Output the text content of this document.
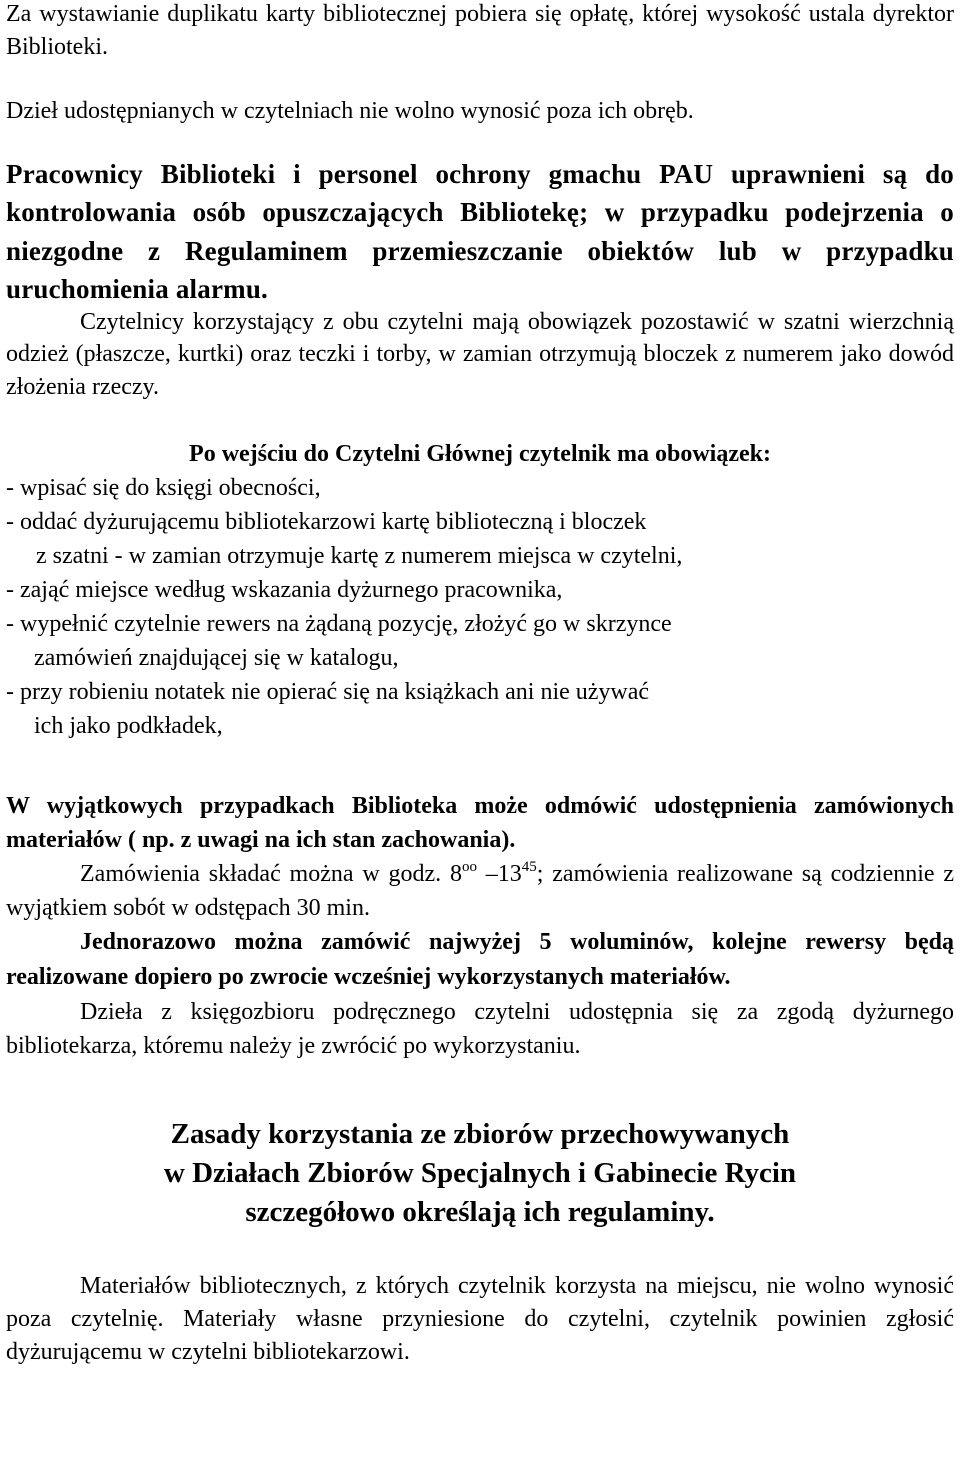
Za wystawianie duplikatu karty bibliotecznej pobiera się opłatę, której wysokość ustala dyrektor Biblioteki.

Dzieł udostępnianych w czytelniach nie wolno wynosić poza ich obręb.

Pracownicy Biblioteki i personel ochrony gmachu PAU uprawnieni są do kontrolowania osób opuszczających Bibliotekę; w przypadku podejrzenia o niezgodne z Regulaminem przemieszczanie obiektów lub w przypadku uruchomienia alarmu.

Czytelnicy korzystający z obu czytelni mają obowiązek pozostawić w szatni wierzchnią odzież (płaszcze, kurtki) oraz teczki i torby, w zamian otrzymują bloczek z numerem jako dowód złożenia rzeczy.

Po wejściu do Czytelni Głównej czytelnik ma obowiązek:

- wpisać się do księgi obecności,

- oddać dyżurującemu bibliotekarzowi kartę biblioteczną i bloczek

z szatni - w zamian otrzymuje kartę z numerem miejsca w czytelni,

- zająć miejsce według wskazania dyżurnego pracownika,

- wypełnić czytelnie rewers na żądaną pozycję, złożyć go w skrzynce

zamówień znajdującej się w katalogu,

- przy robieniu notatek nie opierać się na książkach ani nie używać

ich jako podkładek,

W wyjątkowych przypadkach Biblioteka może odmówić udostępnienia zamówionych materiałów ( np. z uwagi na ich stan zachowania).

Zamówienia składać można w godz. $8^{oo}$ $-13^{45}$; zamówienia realizowane są codziennie z wyjątkiem sobót w odstępach 30 min.

Jednorazowo można zamówić najwyżej 5 woluminów, kolejne rewersy będą realizowane dopiero po zwrocie wcześniej wykorzystanych materiałów.

Dzieła z księgozbioru podręcznego czytelni udostępnia się za zgodą dyżurnego bibliotekarza, któremu należy je zwrócić po wykorzystaniu.

Zasady korzystania ze zbiorów przechowywanych

w Działach Zbiorów Specjalnych i Gabinecie Rycin

szczegółowo określają ich regulaminy.

Materiałów bibliotecznych, z których czytelnik korzysta na miejscu, nie wolno wynosić poza czytelnię. Materiały własne przyniesione do czytelni, czytelnik powinien zgłosić dyżurującemu w czytelni bibliotekarzowi.
